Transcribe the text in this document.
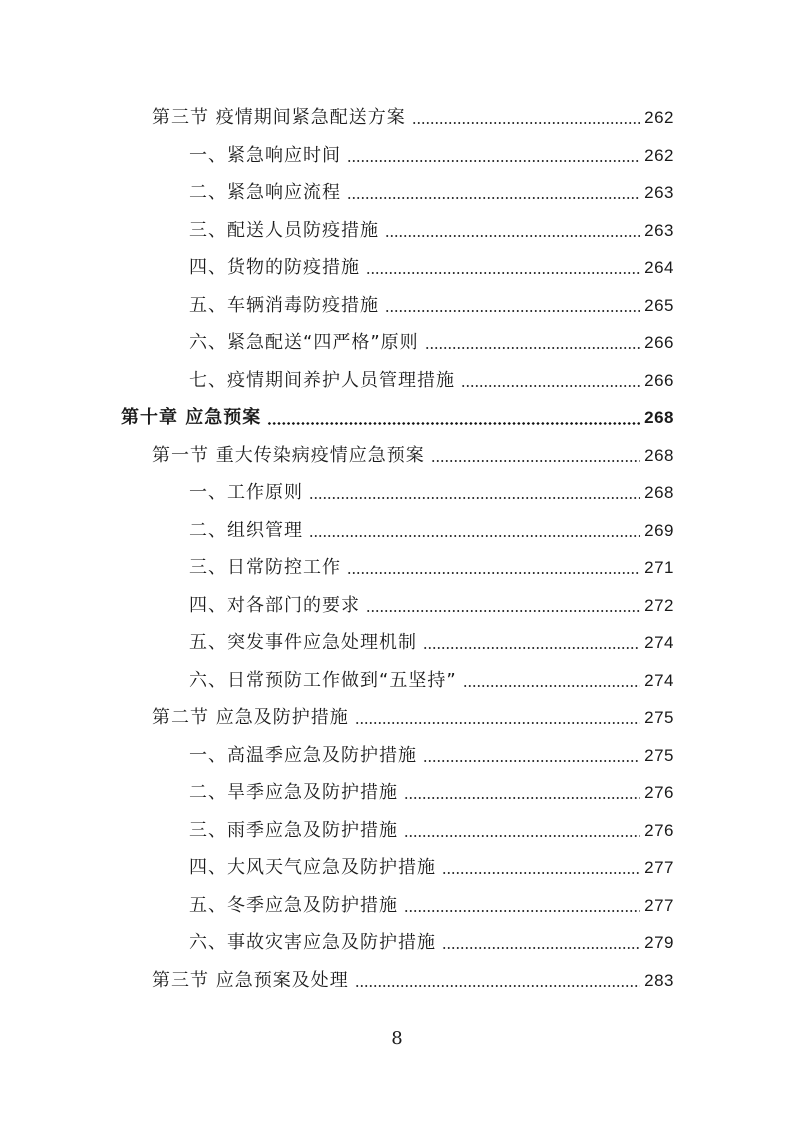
第三节 疫情期间紧急配送方案	262
一、紧急响应时间	262
二、紧急响应流程	263
三、配送人员防疫措施	263
四、货物的防疫措施	264
五、车辆消毒防疫措施	265
六、紧急配送“四严格”原则	266
七、疫情期间养护人员管理措施	266
第十章 应急预案	268
第一节 重大传染病疫情应急预案	268
一、工作原则	268
二、组织管理	269
三、日常防控工作	271
四、对各部门的要求	272
五、突发事件应急处理机制	274
六、日常预防工作做到“五坚持”	274
第二节 应急及防护措施	275
一、高温季应急及防护措施	275
二、旱季应急及防护措施	276
三、雨季应急及防护措施	276
四、大风天气应急及防护措施	277
五、冬季应急及防护措施	277
六、事故灾害应急及防护措施	279
第三节 应急预案及处理	283
8
